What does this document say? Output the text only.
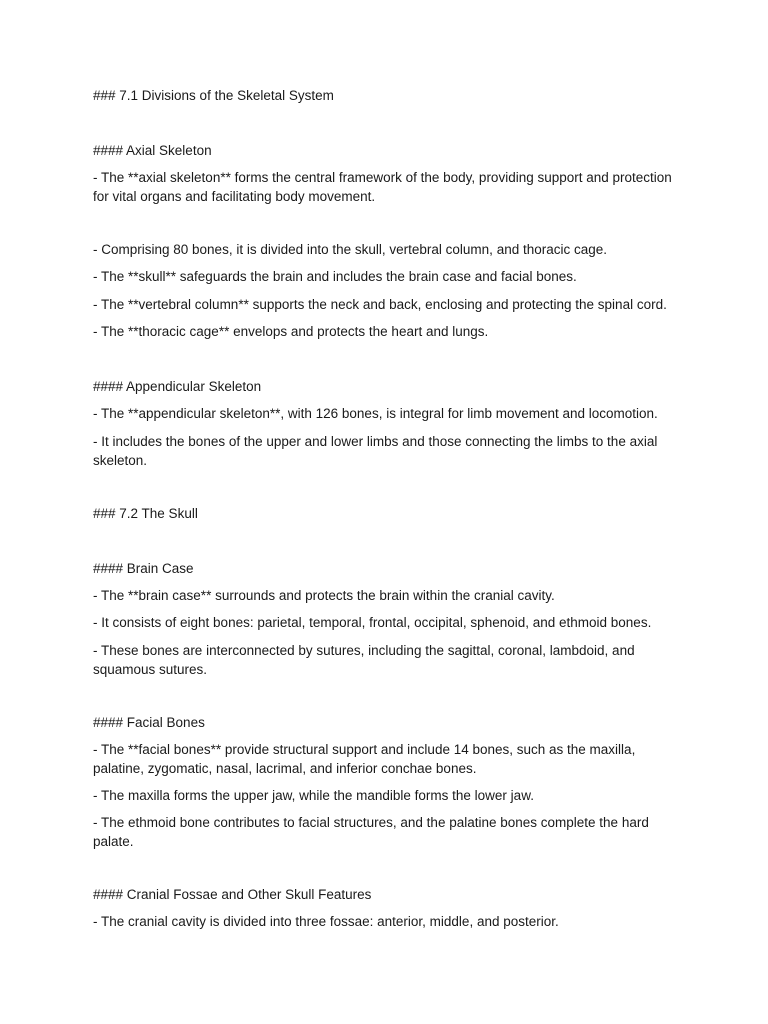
### 7.1 Divisions of the Skeletal System

#### Axial Skeleton

- The **axial skeleton** forms the central framework of the body, providing support and protection for vital organs and facilitating body movement.

- Comprising 80 bones, it is divided into the skull, vertebral column, and thoracic cage.

- The **skull** safeguards the brain and includes the brain case and facial bones.

- The **vertebral column** supports the neck and back, enclosing and protecting the spinal cord.

- The **thoracic cage** envelops and protects the heart and lungs.

#### Appendicular Skeleton

- The **appendicular skeleton**, with 126 bones, is integral for limb movement and locomotion.

- It includes the bones of the upper and lower limbs and those connecting the limbs to the axial skeleton.

### 7.2 The Skull

#### Brain Case

- The **brain case** surrounds and protects the brain within the cranial cavity.

- It consists of eight bones: parietal, temporal, frontal, occipital, sphenoid, and ethmoid bones.

- These bones are interconnected by sutures, including the sagittal, coronal, lambdoid, and squamous sutures.

#### Facial Bones

- The **facial bones** provide structural support and include 14 bones, such as the maxilla, palatine, zygomatic, nasal, lacrimal, and inferior conchae bones.

- The maxilla forms the upper jaw, while the mandible forms the lower jaw.

- The ethmoid bone contributes to facial structures, and the palatine bones complete the hard palate.

#### Cranial Fossae and Other Skull Features

- The cranial cavity is divided into three fossae: anterior, middle, and posterior.
